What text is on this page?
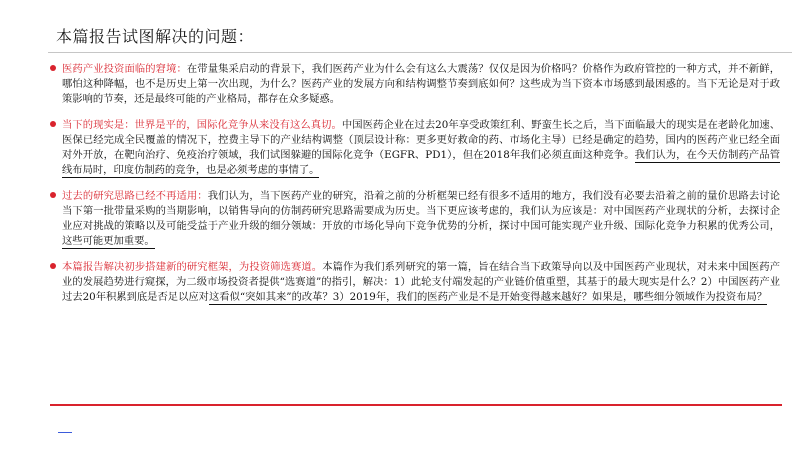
本篇报告试图解决的问题：
医药产业投资面临的窘境：在带量集采启动的背景下，我们医药产业为什么会有这么大震荡？仅仅是因为价格吗？价格作为政府管控的一种方式，并不新鲜，哪怕这种降幅，也不是历史上第一次出现，为什么？医药产业的发展方向和结构调整节奏到底如何？这些成为当下资本市场感到最困惑的。当下无论是对于政策影响的节奏，还是最终可能的产业格局，都存在众多疑惑。
当下的现实是：世界是平的，国际化竞争从来没有这么真切。中国医药企业在过去20年享受政策红利、野蛮生长之后，当下面临最大的现实是在老龄化加速、医保已经完成全民覆盖的情况下，控费主导下的产业结构调整（顶层设计称：更多更好救命的药、市场化主导）已经是确定的趋势，国内的医药产业已经全面对外开放，在靶向治疗、免疫治疗领域，我们试图躲避的国际化竞争（EGFR、PD1），但在2018年我们必须直面这种竞争。我们认为，在今天仿制药产品管线布局时，印度仿制药的竞争，也是必须考虑的事情了。
过去的研究思路已经不再适用：我们认为，当下医药产业的研究，沿着之前的分析框架已经有很多不适用的地方，我们没有必要去沿着之前的量价思路去讨论当下第一批带量采购的当期影响，以销售导向的仿制药研究思路需要成为历史。当下更应该考虑的，我们认为应该是：对中国医药产业现状的分析，去探讨企业应对挑战的策略以及可能受益于产业升级的细分领域：开放的市场化导向下竞争优势的分析，探讨中国可能实现产业升级、国际化竞争力积累的优秀公司，这些可能更加重要。
本篇报告解决初步搭建新的研究框架，为投资筛选赛道。本篇作为我们系列研究的第一篇，旨在结合当下政策导向以及中国医药产业现状，对未来中国医药产业的发展趋势进行窥探，为二级市场投资者提供“选赛道”的指引，解决：1）此轮支付端发起的产业链价值重塑，其基于的最大现实是什么？2）中国医药产业过去20年积累到底是否足以应对这看似“突如其来”的改革？3）2019年，我们的医药产业是不是开始变得越来越好？如果是，哪些细分领域作为投资布局？
